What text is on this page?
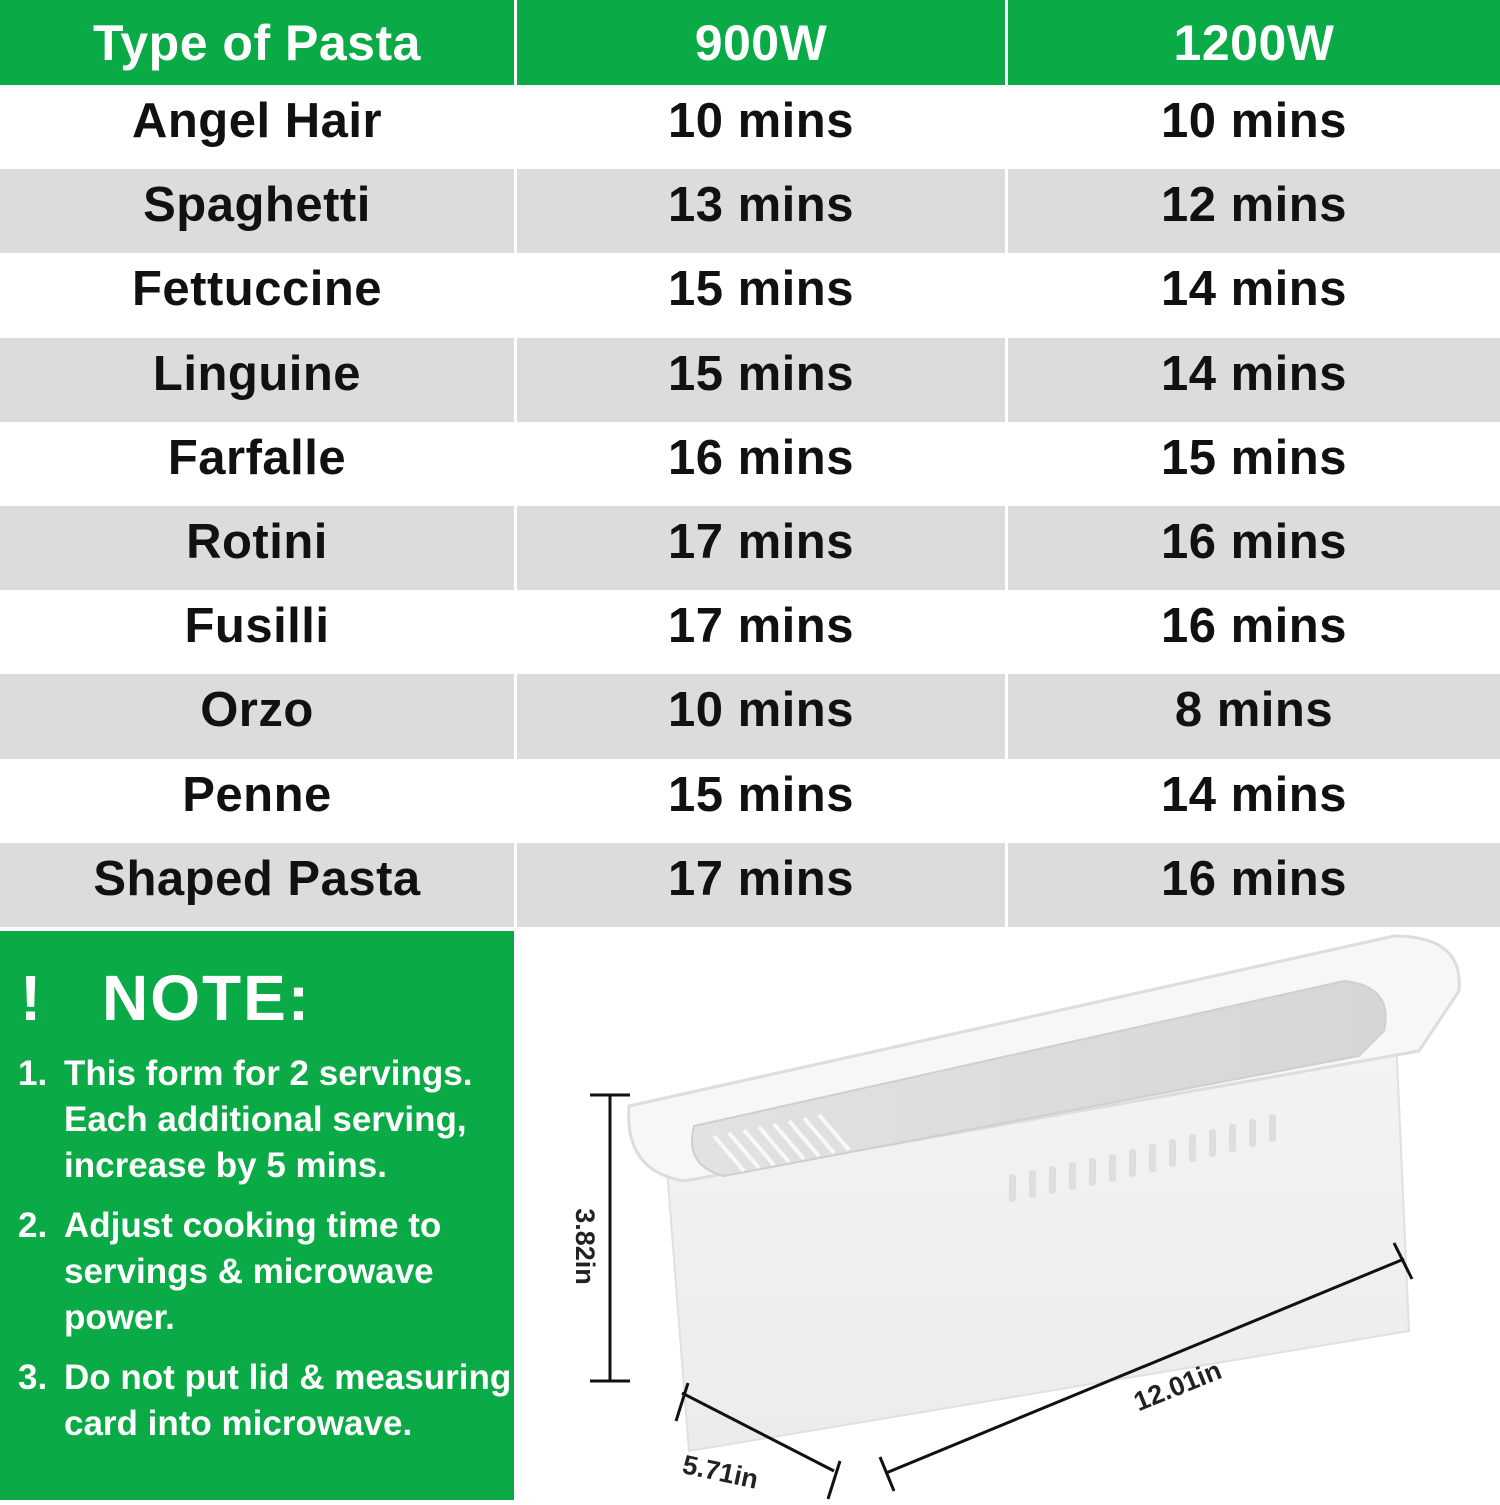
Type of Pasta	900W	1200W
Angel Hair	10 mins	10 mins
Spaghetti	13 mins	12 mins
Fettuccine	15 mins	14 mins
Linguine	15 mins	14 mins
Farfalle	16 mins	15 mins
Rotini	17 mins	16 mins
Fusilli	17 mins	16 mins
Orzo	10 mins	8 mins
Penne	15 mins	14 mins
Shaped Pasta	17 mins	16 mins
! NOTE:
1. This form for 2 servings. Each additional serving, increase by 5 mins.
2. Adjust cooking time to servings & microwave power.
3. Do not put lid & measuring card into microwave.
3.82in
5.71in
12.01in
